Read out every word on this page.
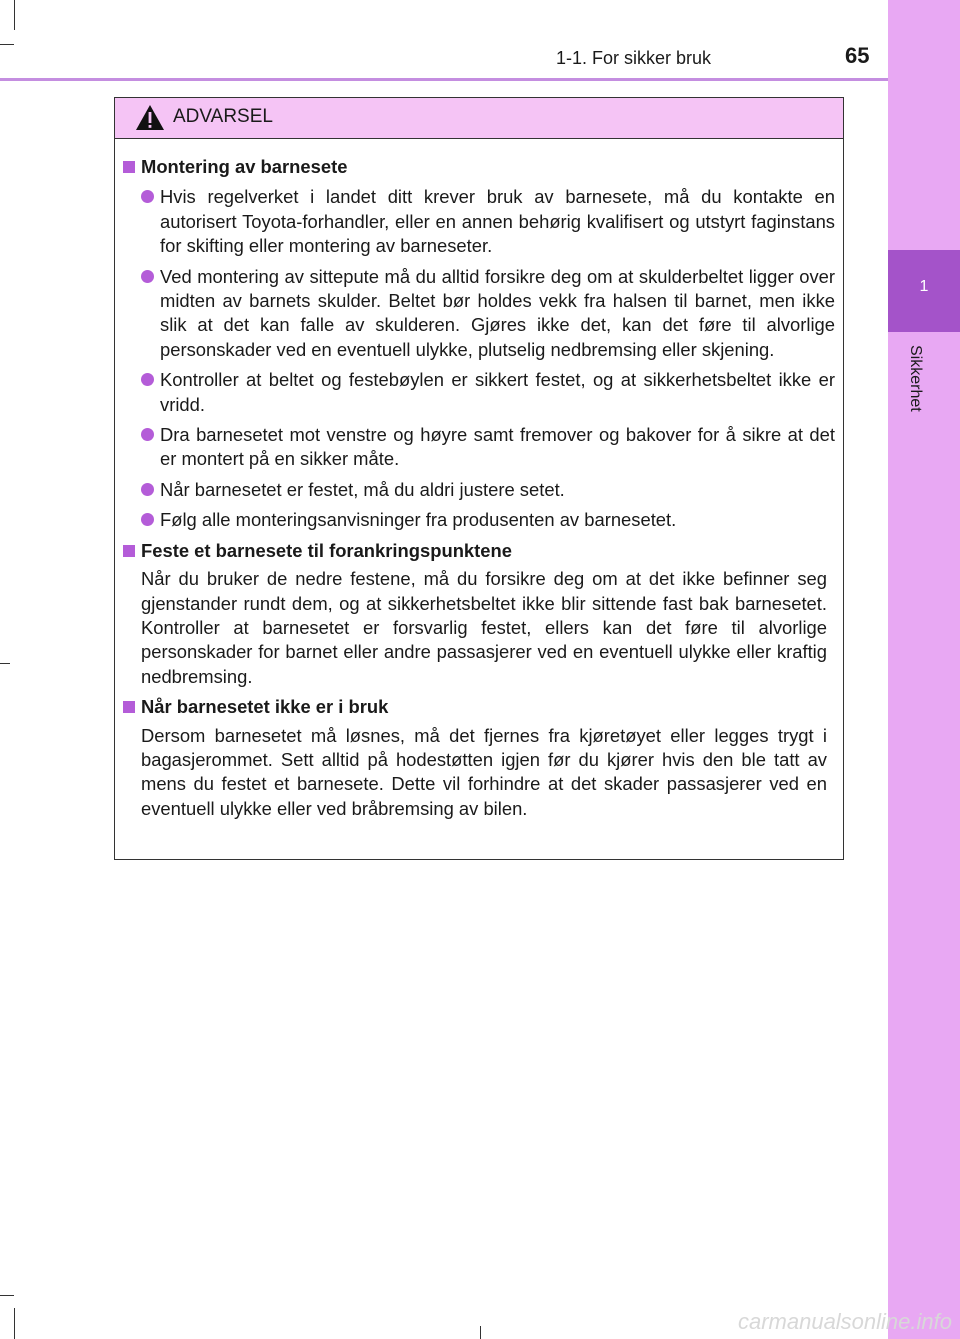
1-1. For sikker bruk	65
1
Sikkerhet
ADVARSEL
Montering av barnesete
Hvis regelverket i landet ditt krever bruk av barnesete, må du kontakte en autorisert Toyota-forhandler, eller en annen behørig kvalifisert og utstyrt faginstans for skifting eller montering av barneseter.
Ved montering av sittepute må du alltid forsikre deg om at skulderbeltet ligger over midten av barnets skulder. Beltet bør holdes vekk fra halsen til barnet, men ikke slik at det kan falle av skulderen. Gjøres ikke det, kan det føre til alvorlige personskader ved en eventuell ulykke, plutselig nedbremsing eller skjening.
Kontroller at beltet og festebøylen er sikkert festet, og at sikkerhetsbeltet ikke er vridd.
Dra barnesetet mot venstre og høyre samt fremover og bakover for å sikre at det er montert på en sikker måte.
Når barnesetet er festet, må du aldri justere setet.
Følg alle monteringsanvisninger fra produsenten av barnesetet.
Feste et barnesete til forankringspunktene
Når du bruker de nedre festene, må du forsikre deg om at det ikke befinner seg gjenstander rundt dem, og at sikkerhetsbeltet ikke blir sittende fast bak barnesetet. Kontroller at barnesetet er forsvarlig festet, ellers kan det føre til alvorlige personskader for barnet eller andre passasjerer ved en eventuell ulykke eller kraftig nedbremsing.
Når barnesetet ikke er i bruk
Dersom barnesetet må løsnes, må det fjernes fra kjøretøyet eller legges trygt i bagasjerommet. Sett alltid på hodestøtten igjen før du kjører hvis den ble tatt av mens du festet et barnesete. Dette vil forhindre at det skader passasjerer ved en eventuell ulykke eller ved bråbremsing av bilen.
carmanualsonline.info
